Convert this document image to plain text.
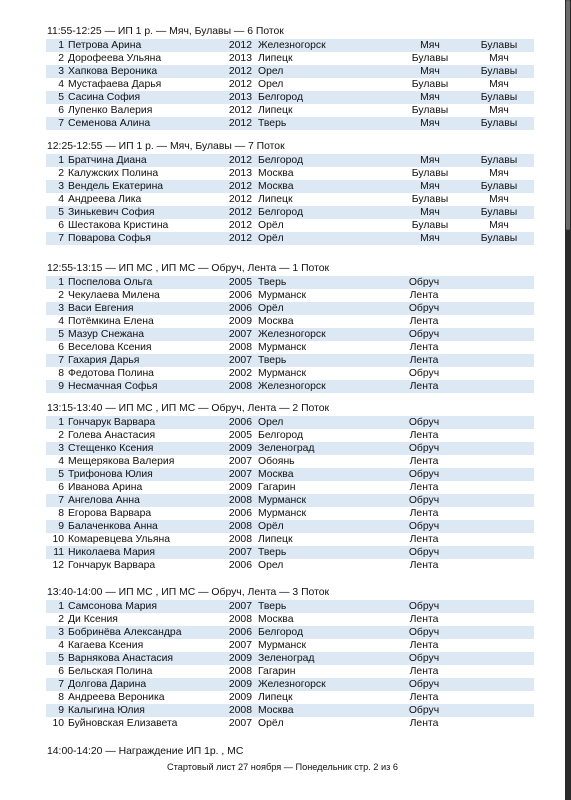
11:55-12:25 — ИП 1 р. — Мяч, Булавы — 6 Поток
1 Петрова Арина	2012 Железногорск	Мяч	Булавы
2 Дорофеева Ульяна	2013 Липецк	Булавы	Мяч
3 Хапкова Вероника	2012 Орел	Мяч	Булавы
4 Мустафаева Дарья	2012 Орел	Булавы	Мяч
5 Сасина София	2013 Белгород	Мяч	Булавы
6 Лупенко Валерия	2012 Липецк	Булавы	Мяч
7 Семенова Алина	2012 Тверь	Мяч	Булавы
12:25-12:55 — ИП 1 р. — Мяч, Булавы — 7 Поток
1 Братчина Диана	2012 Белгород	Мяч	Булавы
2 Калужских Полина	2013 Москва	Булавы	Мяч
3 Вендель Екатерина	2012 Москва	Мяч	Булавы
4 Андреева Лика	2012 Липецк	Булавы	Мяч
5 Зинькевич София	2012 Белгород	Мяч	Булавы
6 Шестакова Кристина	2012 Орёл	Булавы	Мяч
7 Поварова Софья	2012 Орёл	Мяч	Булавы
12:55-13:15 — ИП МС , ИП МС — Обруч, Лента — 1 Поток
1 Поспелова Ольга	2005 Тверь	Обруч
2 Чекулаева Милена	2006 Мурманск	Лента
3 Васи Евгения	2006 Орёл	Обруч
4 Потёмкина Елена	2009 Москва	Лента
5 Мазур Снежана	2007 Железногорск	Обруч
6 Веселова Ксения	2008 Мурманск	Лента
7 Гахария Дарья	2007 Тверь	Лента
8 Федотова Полина	2002 Мурманск	Обруч
9 Несмачная Софья	2008 Железногорск	Лента
13:15-13:40 — ИП МС , ИП МС — Обруч, Лента — 2 Поток
1 Гончарук Варвара	2006 Орел	Обруч
2 Голева Анастасия	2005 Белгород	Лента
3 Стещенко Ксения	2009 Зеленоград	Обруч
4 Мещерякова Валерия	2007 Обоянь	Лента
5 Трифонова Юлия	2007 Москва	Обруч
6 Иванова Арина	2009 Гагарин	Лента
7 Ангелова Анна	2008 Мурманск	Обруч
8 Егорова Варвара	2006 Мурманск	Лента
9 Балаченкова Анна	2008 Орёл	Обруч
10 Комаревцева Ульяна	2008 Липецк	Лента
11 Николаева Мария	2007 Тверь	Обруч
12 Гончарук Варвара	2006 Орел	Лента
13:40-14:00 — ИП МС , ИП МС — Обруч, Лента — 3 Поток
1 Самсонова Мария	2007 Тверь	Обруч
2 Ди Ксения	2008 Москва	Лента
3 Бобринёва Александра	2006 Белгород	Обруч
4 Кагаева Ксения	2007 Мурманск	Лента
5 Варнякова Анастасия	2009 Зеленоград	Обруч
6 Бельская Полина	2008 Гагарин	Лента
7 Долгова Дарина	2009 Железногорск	Обруч
8 Андреева Вероника	2009 Липецк	Лента
9 Калыгина Юлия	2008 Москва	Обруч
10 Буйновская Елизавета	2007 Орёл	Лента
14:00-14:20 — Награждение ИП 1р. , МС
Стартовый лист 27 ноября — Понедельник стр. 2 из 6
